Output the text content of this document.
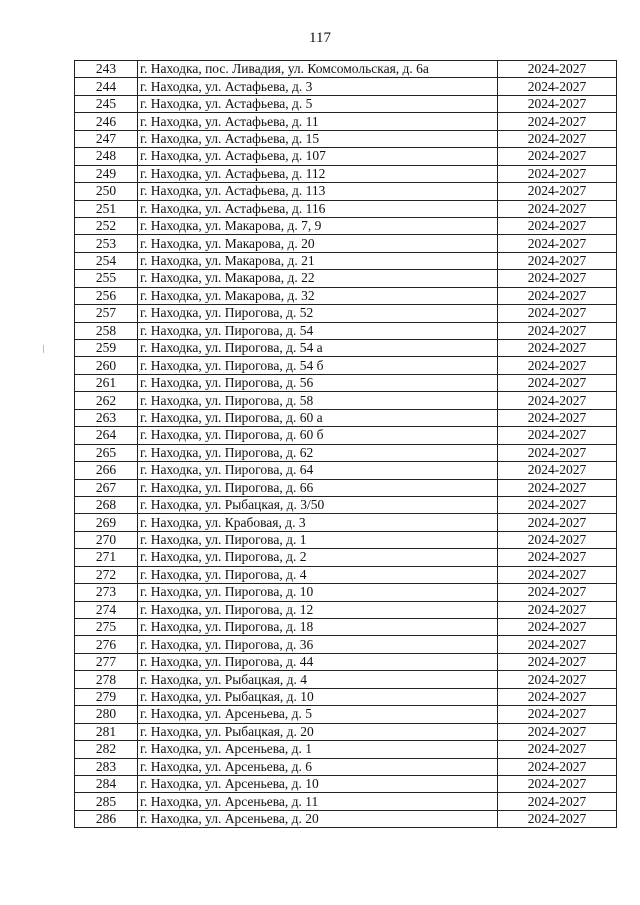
117
243	г. Находка, пос. Ливадия, ул. Комсомольская, д. 6а	2024-2027
244	г. Находка, ул. Астафьева, д. 3	2024-2027
245	г. Находка, ул. Астафьева, д. 5	2024-2027
246	г. Находка, ул. Астафьева, д. 11	2024-2027
247	г. Находка, ул. Астафьева, д. 15	2024-2027
248	г. Находка, ул. Астафьева, д. 107	2024-2027
249	г. Находка, ул. Астафьева, д. 112	2024-2027
250	г. Находка, ул. Астафьева, д. 113	2024-2027
251	г. Находка, ул. Астафьева, д. 116	2024-2027
252	г. Находка, ул. Макарова, д. 7, 9	2024-2027
253	г. Находка, ул. Макарова, д. 20	2024-2027
254	г. Находка, ул. Макарова, д. 21	2024-2027
255	г. Находка, ул. Макарова, д. 22	2024-2027
256	г. Находка, ул. Макарова, д. 32	2024-2027
257	г. Находка, ул. Пирогова, д. 52	2024-2027
258	г. Находка, ул. Пирогова, д. 54	2024-2027
259	г. Находка, ул. Пирогова, д. 54 а	2024-2027
260	г. Находка, ул. Пирогова, д. 54 б	2024-2027
261	г. Находка, ул. Пирогова, д. 56	2024-2027
262	г. Находка, ул. Пирогова, д. 58	2024-2027
263	г. Находка, ул. Пирогова, д. 60 а	2024-2027
264	г. Находка, ул. Пирогова, д. 60 б	2024-2027
265	г. Находка, ул. Пирогова, д. 62	2024-2027
266	г. Находка, ул. Пирогова, д. 64	2024-2027
267	г. Находка, ул. Пирогова, д. 66	2024-2027
268	г. Находка, ул. Рыбацкая, д. 3/50	2024-2027
269	г. Находка, ул. Крабовая, д. 3	2024-2027
270	г. Находка, ул. Пирогова, д. 1	2024-2027
271	г. Находка, ул. Пирогова, д. 2	2024-2027
272	г. Находка, ул. Пирогова, д. 4	2024-2027
273	г. Находка, ул. Пирогова, д. 10	2024-2027
274	г. Находка, ул. Пирогова, д. 12	2024-2027
275	г. Находка, ул. Пирогова, д. 18	2024-2027
276	г. Находка, ул. Пирогова, д. 36	2024-2027
277	г. Находка, ул. Пирогова, д. 44	2024-2027
278	г. Находка, ул. Рыбацкая, д. 4	2024-2027
279	г. Находка, ул. Рыбацкая, д. 10	2024-2027
280	г. Находка, ул. Арсеньева, д. 5	2024-2027
281	г. Находка, ул. Рыбацкая, д. 20	2024-2027
282	г. Находка, ул. Арсеньева, д. 1	2024-2027
283	г. Находка, ул. Арсеньева, д. 6	2024-2027
284	г. Находка, ул. Арсеньева, д. 10	2024-2027
285	г. Находка, ул. Арсеньева, д. 11	2024-2027
286	г. Находка, ул. Арсеньева, д. 20	2024-2027
